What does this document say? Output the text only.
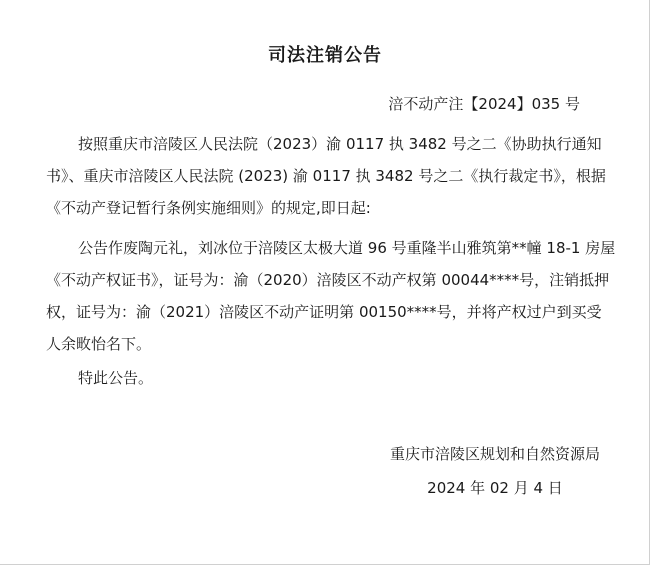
司法注销公告
涪不动产注【2024】035 号

按照重庆市涪陵区人民法院（2023）渝 0117 执 3482 号之二《协助执行通知书》、重庆市涪陵区人民法院 (2023) 渝 0117 执 3482 号之二《执行裁定书》，根据《不动产登记暂行条例实施细则》的规定,即日起:

公告作废陶元礼，刘冰位于涪陵区太极大道 96 号重隆半山雅筑第**幢 18-1 房屋《不动产权证书》，证号为：渝（2020）涪陵区不动产权第 00044****号，注销抵押权，证号为：渝（2021）涪陵区不动产证明第 00150****号，并将产权过户到买受人余畋怡名下。

特此公告。

重庆市涪陵区规划和自然资源局
2024 年 02 月 4 日
